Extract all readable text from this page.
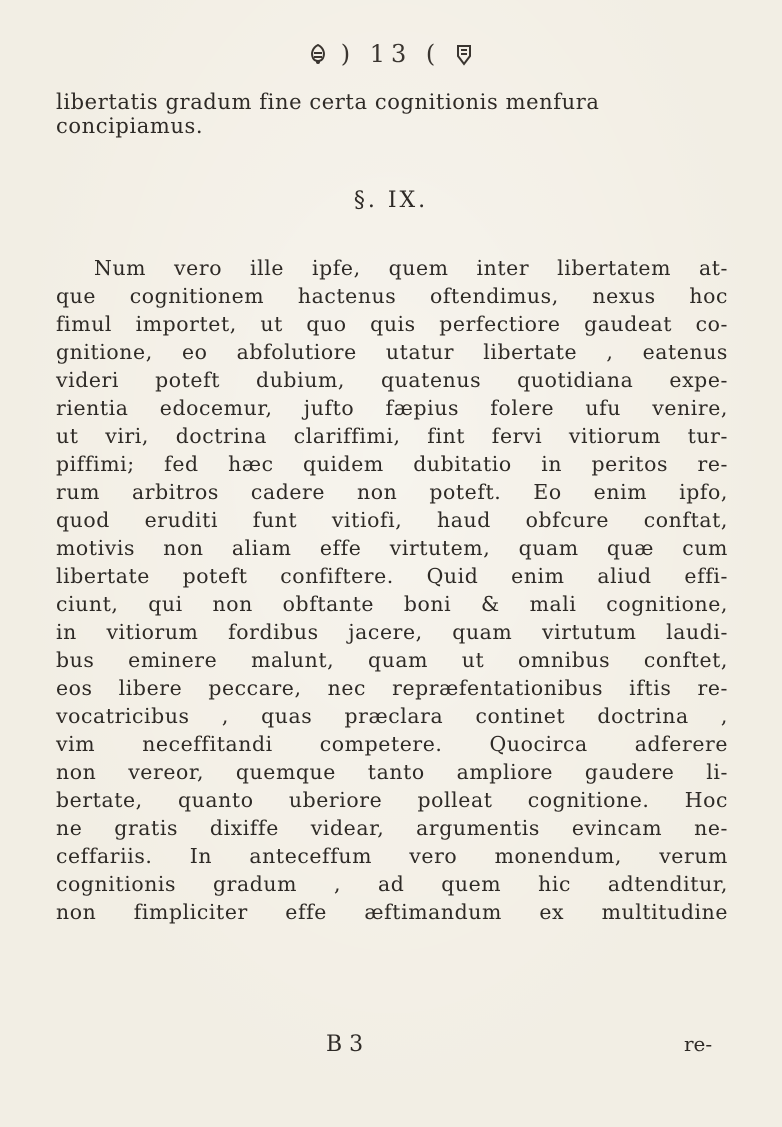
) 13 (
libertatis gradum fine certa cognitionis menfura
concipiamus.
§. IX.
Num vero ille ipfe, quem inter libertatem at-
que cognitionem hactenus oftendimus, nexus hoc
fimul importet, ut quo quis perfectiore gaudeat co-
gnitione, eo abfolutiore utatur libertate , eatenus
videri poteft dubium, quatenus quotidiana expe-
rientia edocemur, jufto fæpius folere ufu venire,
ut viri, doctrina clariffimi, fint fervi vitiorum tur-
piffimi; fed hæc quidem dubitatio in peritos re-
rum arbitros cadere non poteft. Eo enim ipfo,
quod eruditi funt vitiofi, haud obfcure conftat,
motivis non aliam effe virtutem, quam quæ cum
libertate poteft confiftere. Quid enim aliud effi-
ciunt, qui non obftante boni & mali cognitione,
in vitiorum fordibus jacere, quam virtutum laudi-
bus eminere malunt, quam ut omnibus conftet,
eos libere peccare, nec repræfentationibus iftis re-
vocatricibus , quas præclara continet doctrina ,
vim neceffitandi competere. Quocirca adferere
non vereor, quemque tanto ampliore gaudere li-
bertate, quanto uberiore polleat cognitione. Hoc
ne gratis dixiffe videar, argumentis evincam ne-
ceffariis. In anteceffum vero monendum, verum
cognitionis gradum , ad quem hic adtenditur,
non fimpliciter effe æftimandum ex multitudine
B 3	re-
